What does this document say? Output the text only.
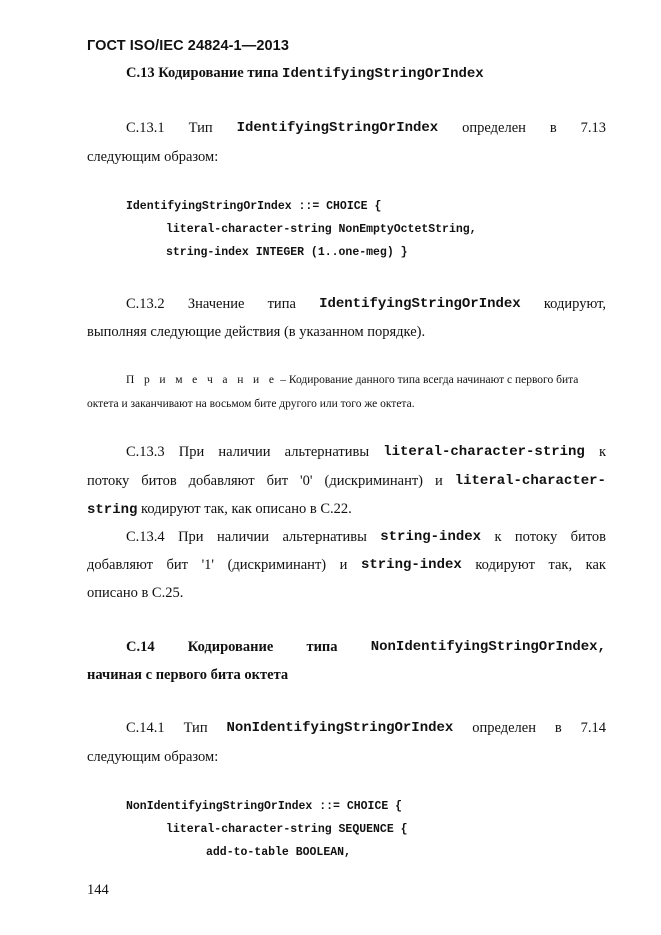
ГОСТ ISO/IEC 24824-1—2013
С.13 Кодирование типа IdentifyingStringOrIndex
С.13.1 Тип IdentifyingStringOrIndex определен в 7.13
следующим образом:
IdentifyingStringOrIndex ::= CHOICE {
literal-character-string NonEmptyOctetString,
string-index INTEGER (1..one-meg) }
С.13.2 Значение типа IdentifyingStringOrIndex кодируют,
выполняя следующие действия (в указанном порядке).
П р и м е ч а н и е – Кодирование данного типа всегда начинают с первого бита
октета и заканчивают на восьмом бите другого или того же октета.
С.13.3 При наличии альтернативы literal-character-string к
потоку битов добавляют бит '0' (дискриминант) и literal-character-
string кодируют так, как описано в С.22.
С.13.4 При наличии альтернативы string-index к потоку битов
добавляют бит '1' (дискриминант) и string-index кодируют так, как
описано в С.25.
С.14 Кодирование типа NonIdentifyingStringOrIndex,
начиная с первого бита октета
С.14.1 Тип NonIdentifyingStringOrIndex определен в 7.14
следующим образом:
NonIdentifyingStringOrIndex ::= CHOICE {
literal-character-string SEQUENCE {
add-to-table BOOLEAN,
144
